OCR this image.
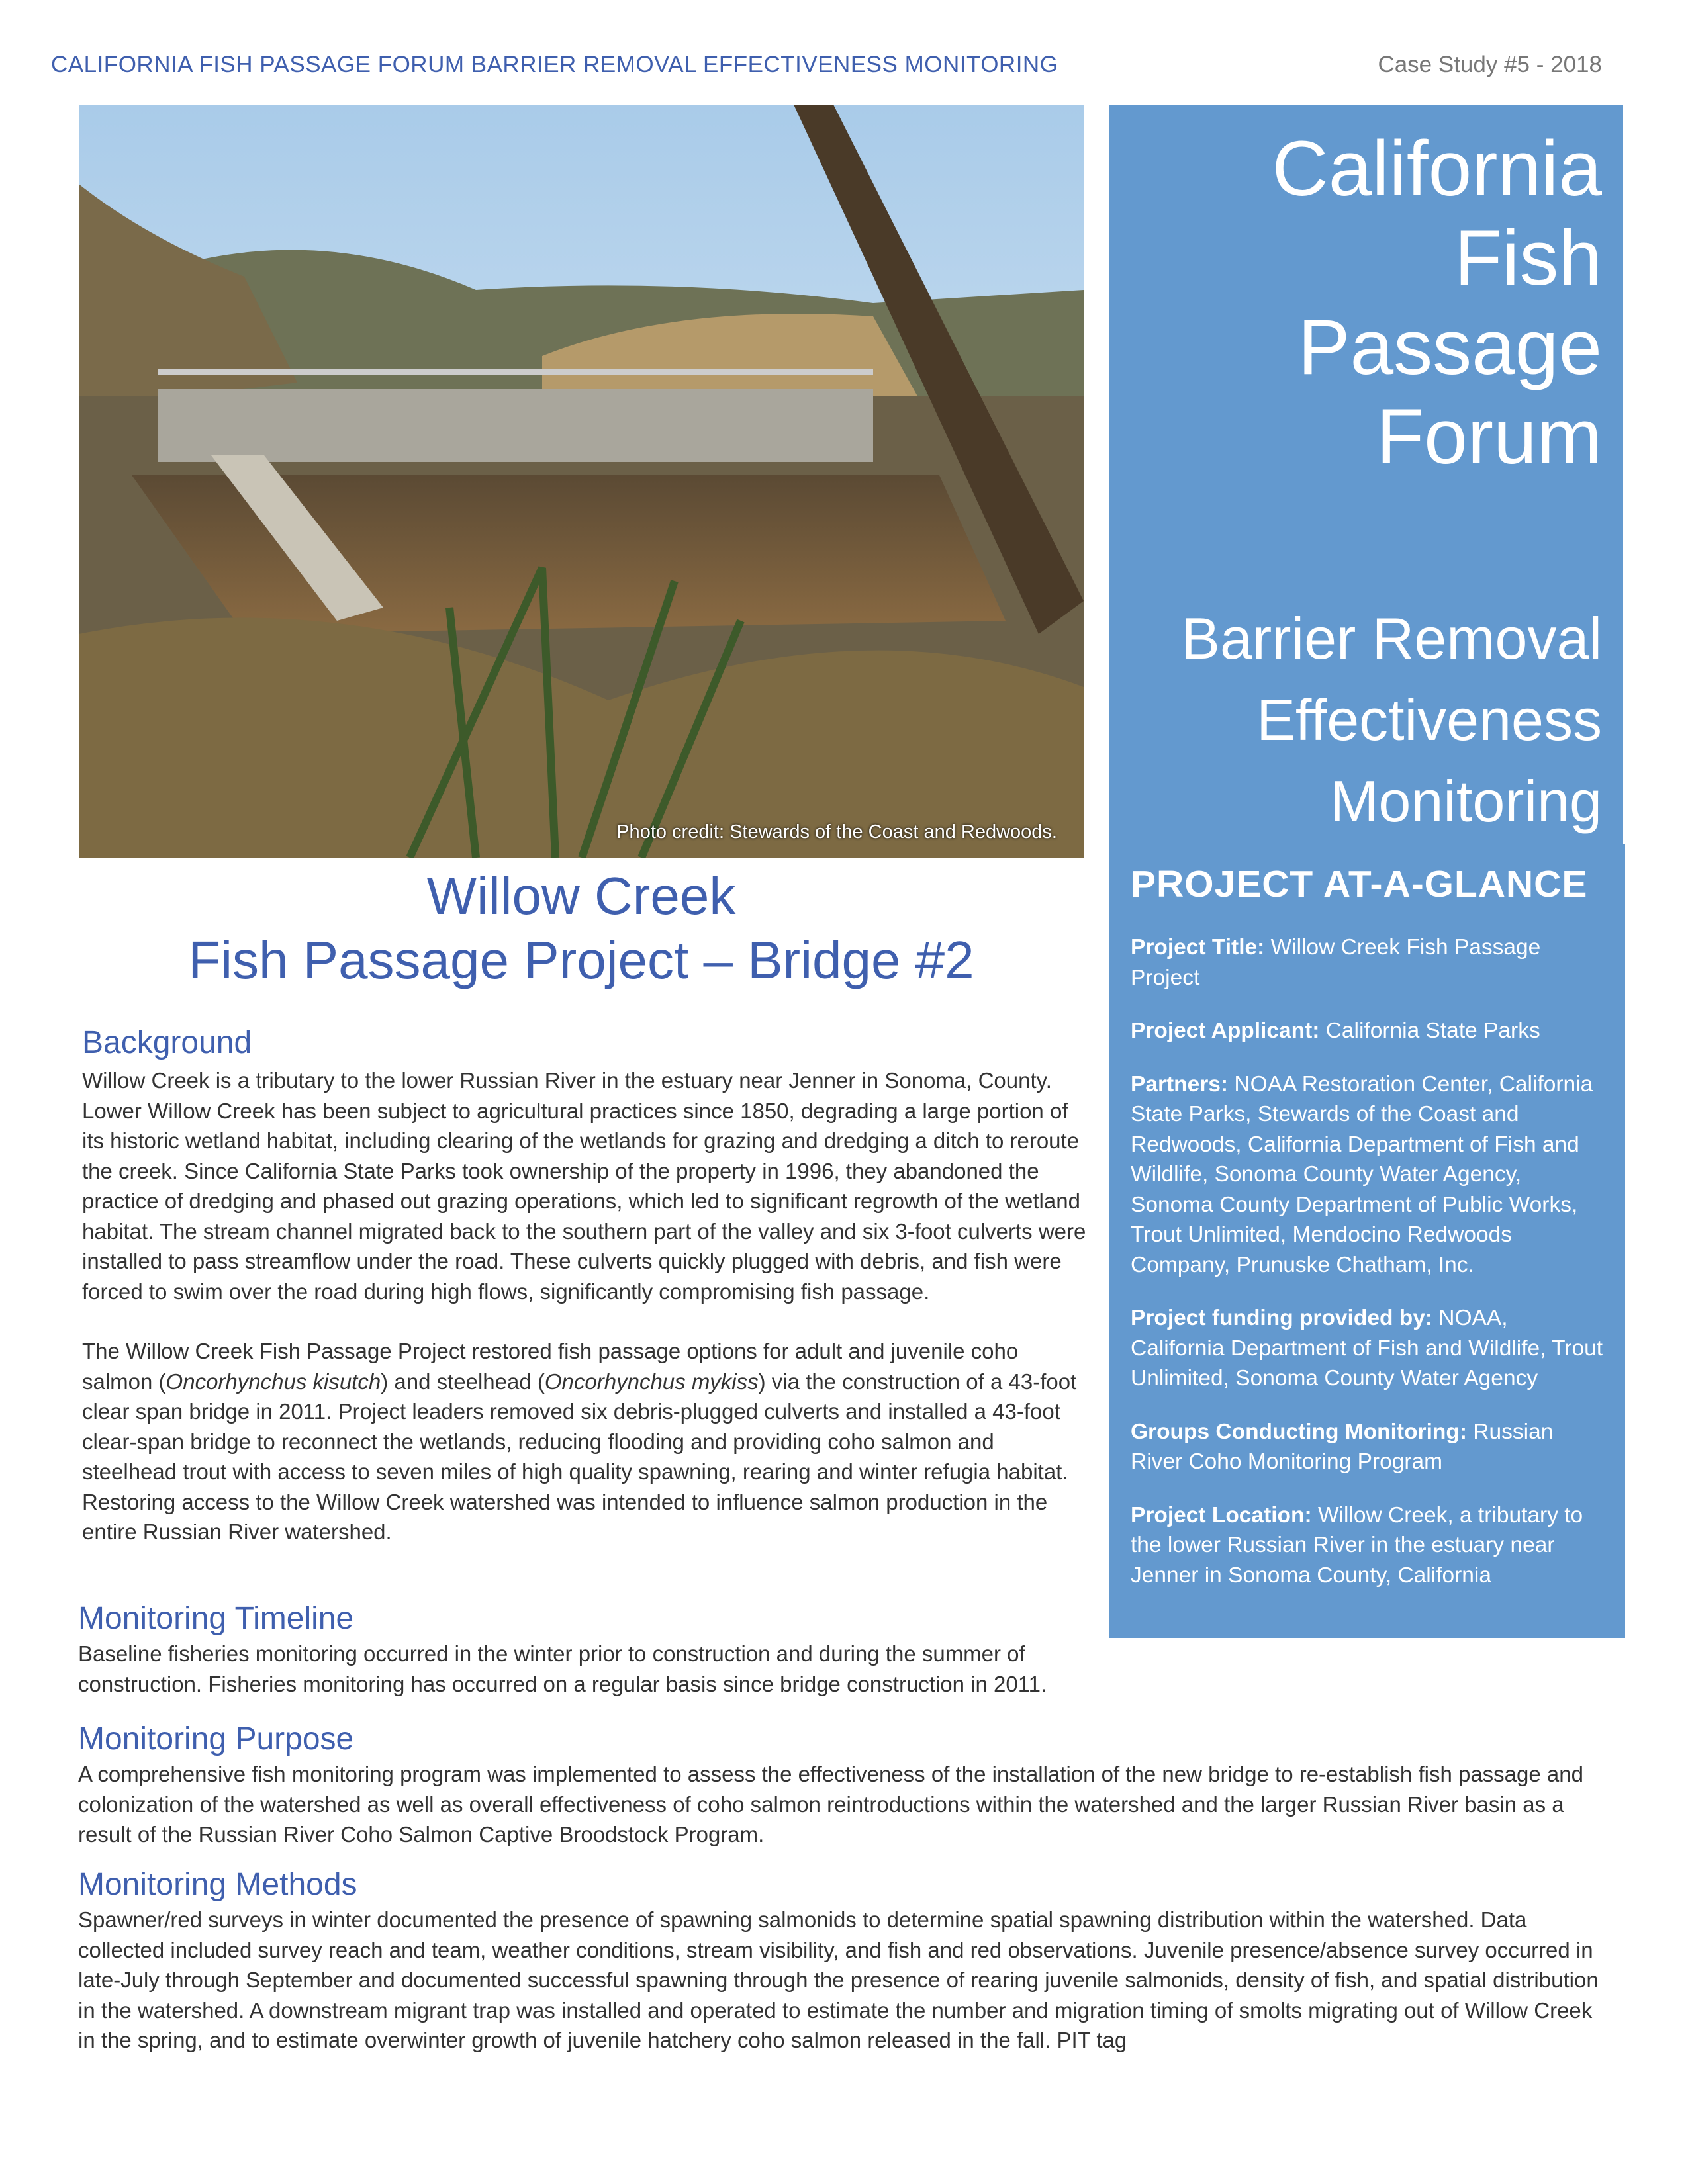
CALIFORNIA FISH PASSAGE FORUM BARRIER REMOVAL EFFECTIVENESS MONITORING	Case Study #5 - 2018
Photo credit: Stewards of the Coast and Redwoods.
California
Fish
Passage
Forum
Barrier Removal
Effectiveness
Monitoring
PROJECT AT-A-GLANCE

Project Title: Willow Creek Fish Passage Project

Project Applicant: California State Parks

Partners: NOAA Restoration Center, California State Parks, Stewards of the Coast and Redwoods, California Department of Fish and Wildlife, Sonoma County Water Agency, Sonoma County Department of Public Works, Trout Unlimited, Mendocino Redwoods Company, Prunuske Chatham, Inc.

Project funding provided by: NOAA, California Department of Fish and Wildlife, Trout Unlimited, Sonoma County Water Agency

Groups Conducting Monitoring: Russian River Coho Monitoring Program

Project Location: Willow Creek, a tributary to the lower Russian River in the estuary near Jenner in Sonoma County, California

Willow Creek
Fish Passage Project – Bridge #2
Background

Willow Creek is a tributary to the lower Russian River in the estuary near Jenner in Sonoma, County. Lower Willow Creek has been subject to agricultural practices since 1850, degrading a large portion of its historic wetland habitat, including clearing of the wetlands for grazing and dredging a ditch to reroute the creek. Since California State Parks took ownership of the property in 1996, they abandoned the practice of dredging and phased out grazing operations, which led to significant regrowth of the wetland habitat. The stream channel migrated back to the southern part of the valley and six 3-foot culverts were installed to pass streamflow under the road. These culverts quickly plugged with debris, and fish were forced to swim over the road during high flows, significantly compromising fish passage.

The Willow Creek Fish Passage Project restored fish passage options for adult and juvenile coho salmon (Oncorhynchus kisutch) and steelhead (Oncorhynchus mykiss) via the construction of a 43-foot clear span bridge in 2011. Project leaders removed six debris-plugged culverts and installed a 43-foot clear-span bridge to reconnect the wetlands, reducing flooding and providing coho salmon and steelhead trout with access to seven miles of high quality spawning, rearing and winter refugia habitat. Restoring access to the Willow Creek watershed was intended to influence salmon production in the entire Russian River watershed.

Monitoring Timeline
Baseline fisheries monitoring occurred in the winter prior to construction and during the summer of construction. Fisheries monitoring has occurred on a regular basis since bridge construction in 2011.
Monitoring Purpose
A comprehensive fish monitoring program was implemented to assess the effectiveness of the installation of the new bridge to re-establish fish passage and colonization of the watershed as well as overall effectiveness of coho salmon reintroductions within the watershed and the larger Russian River basin as a result of the Russian River Coho Salmon Captive Broodstock Program.
Monitoring Methods
Spawner/red surveys in winter documented the presence of spawning salmonids to determine spatial spawning distribution within the watershed. Data collected included survey reach and team, weather conditions, stream visibility, and fish and red observations. Juvenile presence/absence survey occurred in late-July through September and documented successful spawning through the presence of rearing juvenile salmonids, density of fish, and spatial distribution in the watershed. A downstream migrant trap was installed and operated to estimate the number and migration timing of smolts migrating out of Willow Creek in the spring, and to estimate overwinter growth of juvenile hatchery coho salmon released in the fall. PIT tag
